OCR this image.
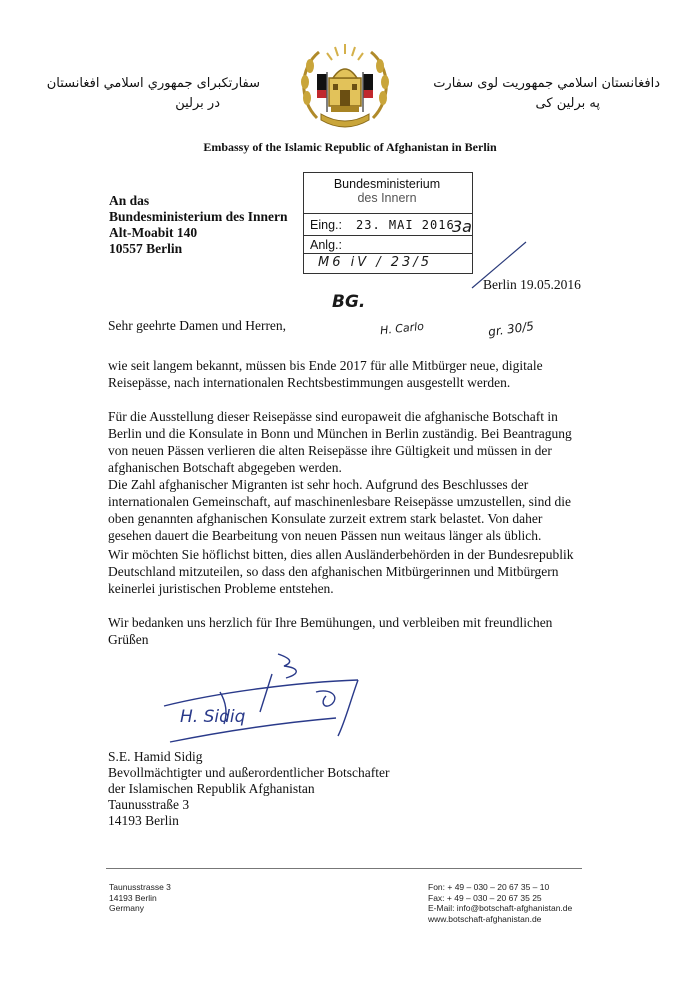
سفارتکبرای جمهوري اسلامي افغانستان
در برلین
دافغانستان اسلامي جمهوریت لوی سفارت
په برلین کی
Embassy of the Islamic Republic of Afghanistan in Berlin
An das
Bundesministerium des Innern
Alt-Moabit 140
10557 Berlin
Bundesministerium
des Innern
Eing.: 23. MAI 2016
3a
Anlg.:
M6 iV / 23/5
Berlin 19.05.2016
BG.
H. Carlo	gr. 30/5
Sehr geehrte Damen und Herren,

wie seit langem bekannt, müssen bis Ende 2017 für alle Mitbürger neue, digitale Reisepässe, nach internationalen Rechtsbestimmungen ausgestellt werden.

Für die Ausstellung dieser Reisepässe sind europaweit die afghanische Botschaft in Berlin und die Konsulate in Bonn und München in Berlin zuständig. Bei Beantragung von neuen Pässen verlieren die alten Reisepässe ihre Gültigkeit und müssen in der afghanischen Botschaft abgegeben werden.

Die Zahl afghanischer Migranten ist sehr hoch. Aufgrund des Beschlusses der internationalen Gemeinschaft, auf maschinenlesbare Reisepässe umzustellen, sind die oben genannten afghanischen Konsulate zurzeit extrem stark belastet. Von daher gesehen dauert die Bearbeitung von neuen Pässen nun weitaus länger als üblich.

Wir möchten Sie höflichst bitten, dies allen Ausländerbehörden in der Bundesrepublik Deutschland mitzuteilen, so dass den afghanischen Mitbürgerinnen und Mitbürgern keinerlei juristischen Probleme entstehen.

Wir bedanken uns herzlich für Ihre Bemühungen, und verbleiben mit freundlichen Grüßen

H. Sidiq
S.E. Hamid Sidig
Bevollmächtigter und außerordentlicher Botschafter
der Islamischen Republik Afghanistan
Taunusstraße 3
14193 Berlin
Taunusstrasse 3
14193 Berlin
Germany
Fon: + 49 – 030 – 20 67 35 – 10
Fax: + 49 – 030 – 20 67 35 25
E-Mail: info@botschaft-afghanistan.de
www.botschaft-afghanistan.de
